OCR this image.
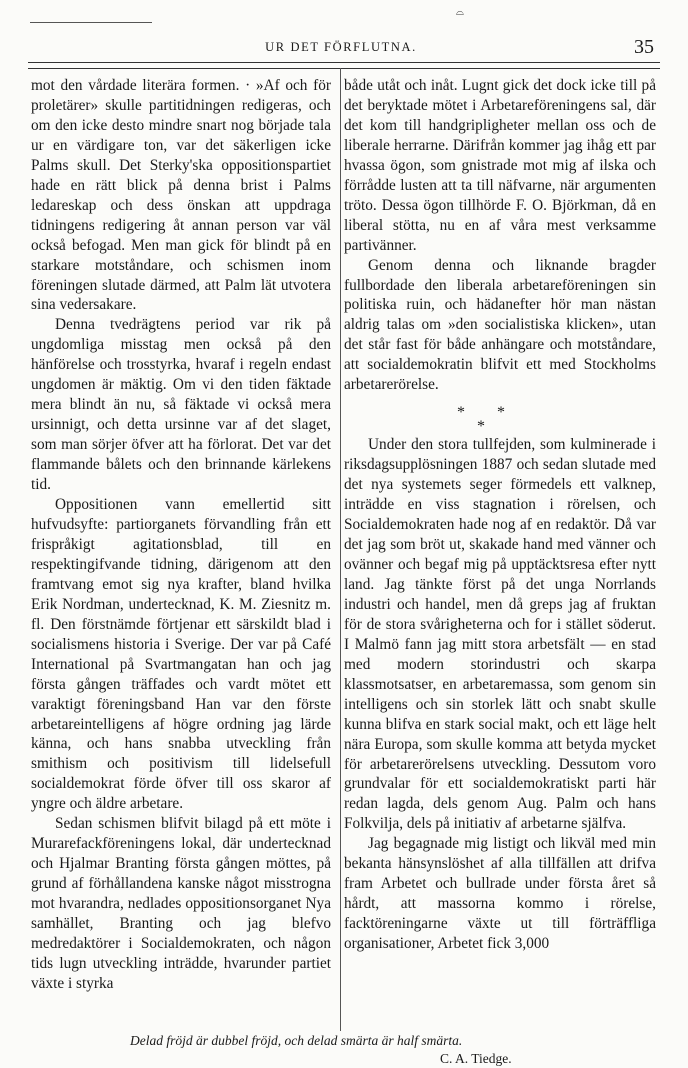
⌓
UR DET FÖRFLUTNA.	35

mot den vårdade literära formen. · »Af och för proletärer» skulle partitidningen redigeras, och om den icke desto mindre snart nog började tala ur en värdigare ton, var det säkerligen icke Palms skull. Det Sterky'ska oppositionspartiet hade en rätt blick på denna brist i Palms ledareskap och dess önskan att uppdraga tidningens redigering åt annan person var väl också befogad. Men man gick för blindt på en starkare motståndare, och schismen inom föreningen slutade därmed, att Palm lät utvotera sina vedersakare.

Denna tvedrägtens period var rik på ungdomliga misstag men också på den hänförelse och trosstyrka, hvaraf i regeln endast ungdomen är mäktig. Om vi den tiden fäktade mera blindt än nu, så fäktade vi också mera ursinnigt, och detta ursinne var af det slaget, som man sörjer öfver att ha förlorat. Det var det flammande bålets och den brinnande kärlekens tid.

Oppositionen vann emellertid sitt hufvudsyfte: partiorganets förvandling från ett frispråkigt agitationsblad, till en respektingifvande tidning, därigenom att den framtvang emot sig nya krafter, bland hvilka Erik Nordman, undertecknad, K. M. Ziesnitz m. fl. Den förstnämde förtjenar ett särskildt blad i socialismens historia i Sverige. Der var på Café International på Svartmangatan han och jag första gången träffades och vardt mötet ett varaktigt föreningsband Han var den förste arbetareintelligens af högre ordning jag lärde känna, och hans snabba utveckling från smithism och positivism till lidelsefull socialdemokrat förde öfver till oss skaror af yngre och äldre arbetare.

Sedan schismen blifvit bilagd på ett möte i Murarefackföreningens lokal, där undertecknad och Hjalmar Branting första gången möttes, på grund af förhållandena kanske något misstrogna mot hvarandra, nedlades oppositionsorganet Nya samhället, Branting och jag blefvo medredaktörer i Socialdemokraten, och någon tids lugn utveckling inträdde, hvarunder partiet växte i styrka

både utåt och inåt. Lugnt gick det dock icke till på det beryktade mötet i Arbetareföreningens sal, där det kom till handgripligheter mellan oss och de liberale herrarne. Därifrån kommer jag ihåg ett par hvassa ögon, som gnistrade mot mig af ilska och förrådde lusten att ta till näfvarne, när argumenten tröto. Dessa ögon tillhörde F. O. Björkman, då en liberal stötta, nu en af våra mest verksamme partivänner.

Genom denna och liknande bragder fullbordade den liberala arbetareföreningen sin politiska ruin, och hädanefter hör man nästan aldrig talas om »den socialistiska klicken», utan det står fast för både anhängare och motståndare, att socialdemokratin blifvit ett med Stockholms arbetarerörelse.

* *
*

Under den stora tullfejden, som kulminerade i riksdagsupplösningen 1887 och sedan slutade med det nya systemets seger förmedels ett valknep, inträdde en viss stagnation i rörelsen, och Socialdemokraten hade nog af en redaktör. Då var det jag som bröt ut, skakade hand med vänner och ovänner och begaf mig på upptäcktsresa efter nytt land. Jag tänkte först på det unga Norrlands industri och handel, men då greps jag af fruktan för de stora svårigheterna och for i stället söderut. I Malmö fann jag mitt stora arbetsfält — en stad med modern storindustri och skarpa klassmotsatser, en arbetaremassa, som genom sin intelligens och sin storlek lätt och snabt skulle kunna blifva en stark social makt, och ett läge helt nära Europa, som skulle komma att betyda mycket för arbetarerörelsens utveckling. Dessutom voro grundvalar för ett socialdemokratiskt parti här redan lagda, dels genom Aug. Palm och hans Folkvilja, dels på initiativ af arbetarne själfva.

Jag begagnade mig listigt och likväl med min bekanta hänsynslöshet af alla tillfällen att drifva fram Arbetet och bullrade under första året så hårdt, att massorna kommo i rörelse, facktöreningarne växte ut till förträffliga organisationer, Arbetet fick 3,000

Delad fröjd är dubbel fröjd, och delad smärta är half smärta.
C. A. Tiedge.
